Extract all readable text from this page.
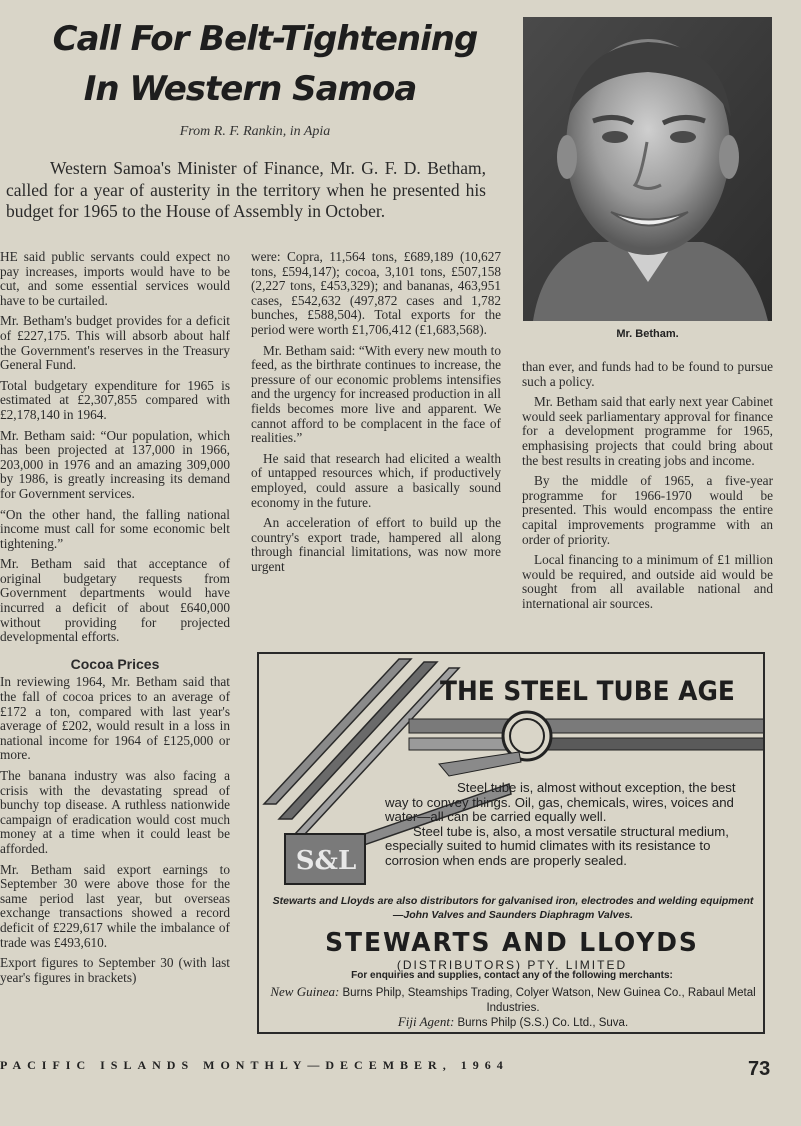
Call For Belt-Tightening
In Western Samoa
From R. F. Rankin, in Apia
Western Samoa's Minister of Finance, Mr. G. F. D. Betham, called for a year of austerity in the territory when he presented his budget for 1965 to the House of Assembly in October.

HE said public servants could expect no pay increases, imports would have to be cut, and some essential services would have to be curtailed.

Mr. Betham's budget provides for a deficit of £227,175. This will absorb about half the Government's reserves in the Treasury General Fund.

Total budgetary expenditure for 1965 is estimated at £2,307,855 compared with £2,178,140 in 1964.

Mr. Betham said: “Our population, which has been projected at 137,000 in 1966, 203,000 in 1976 and an amazing 309,000 by 1986, is greatly increasing its demand for Government services.

“On the other hand, the falling national income must call for some economic belt tightening.”

Mr. Betham said that acceptance of original budgetary requests from Government departments would have incurred a deficit of about £640,000 without providing for projected developmental efforts.

Cocoa Prices

In reviewing 1964, Mr. Betham said that the fall of cocoa prices to an average of £172 a ton, compared with last year's average of £202, would result in a loss in national income for 1964 of £125,000 or more.

The banana industry was also facing a crisis with the devastating spread of bunchy top disease. A ruthless nationwide campaign of eradication would cost much money at a time when it could least be afforded.

Mr. Betham said export earnings to September 30 were above those for the same period last year, but overseas exchange transactions showed a record deficit of £229,617 while the imbalance of trade was £493,610.

Export figures to September 30 (with last year's figures in brackets)

were: Copra, 11,564 tons, £689,189 (10,627 tons, £594,147); cocoa, 3,101 tons, £507,158 (2,227 tons, £453,329); and bananas, 463,951 cases, £542,632 (497,872 cases and 1,782 bunches, £588,504). Total exports for the period were worth £1,706,412 (£1,683,568).

Mr. Betham said: “With every new mouth to feed, as the birthrate continues to increase, the pressure of our economic problems intensifies and the urgency for increased production in all fields becomes more live and apparent. We cannot afford to be complacent in the face of realities.”

He said that research had elicited a wealth of untapped resources which, if productively employed, could assure a basically sound economy in the future.

An acceleration of effort to build up the country's export trade, hampered all along through financial limitations, was now more urgent

Mr. Betham.

than ever, and funds had to be found to pursue such a policy.

Mr. Betham said that early next year Cabinet would seek parliamentary approval for finance for a development programme for 1965, emphasising projects that could bring about the best results in creating jobs and income.

By the middle of 1965, a five-year programme for 1966-1970 would be presented. This would encompass the entire capital improvements programme with an order of priority.

Local financing to a minimum of £1 million would be required, and outside aid would be sought from all available national and international air sources.

S&L
THE STEEL TUBE AGE

Steel tube is, almost without exception, the best way to convey things. Oil, gas, chemicals, wires, voices and water—all can be carried equally well.

Steel tube is, also, a most versatile structural medium, especially suited to humid climates with its resistance to corrosion when ends are properly sealed.

Stewarts and Lloyds are also distributors for galvanised iron, electrodes and welding equipment—John Valves and Saunders Diaphragm Valves.
STEWARTS AND LLOYDS
(DISTRIBUTORS) PTY. LIMITED
For enquiries and supplies, contact any of the following merchants:
New Guinea: Burns Philp, Steamships Trading, Colyer Watson, New Guinea Co., Rabaul Metal Industries.
Fiji Agent: Burns Philp (S.S.) Co. Ltd., Suva.
PACIFIC ISLANDS MONTHLY—DECEMBER, 1964	73
